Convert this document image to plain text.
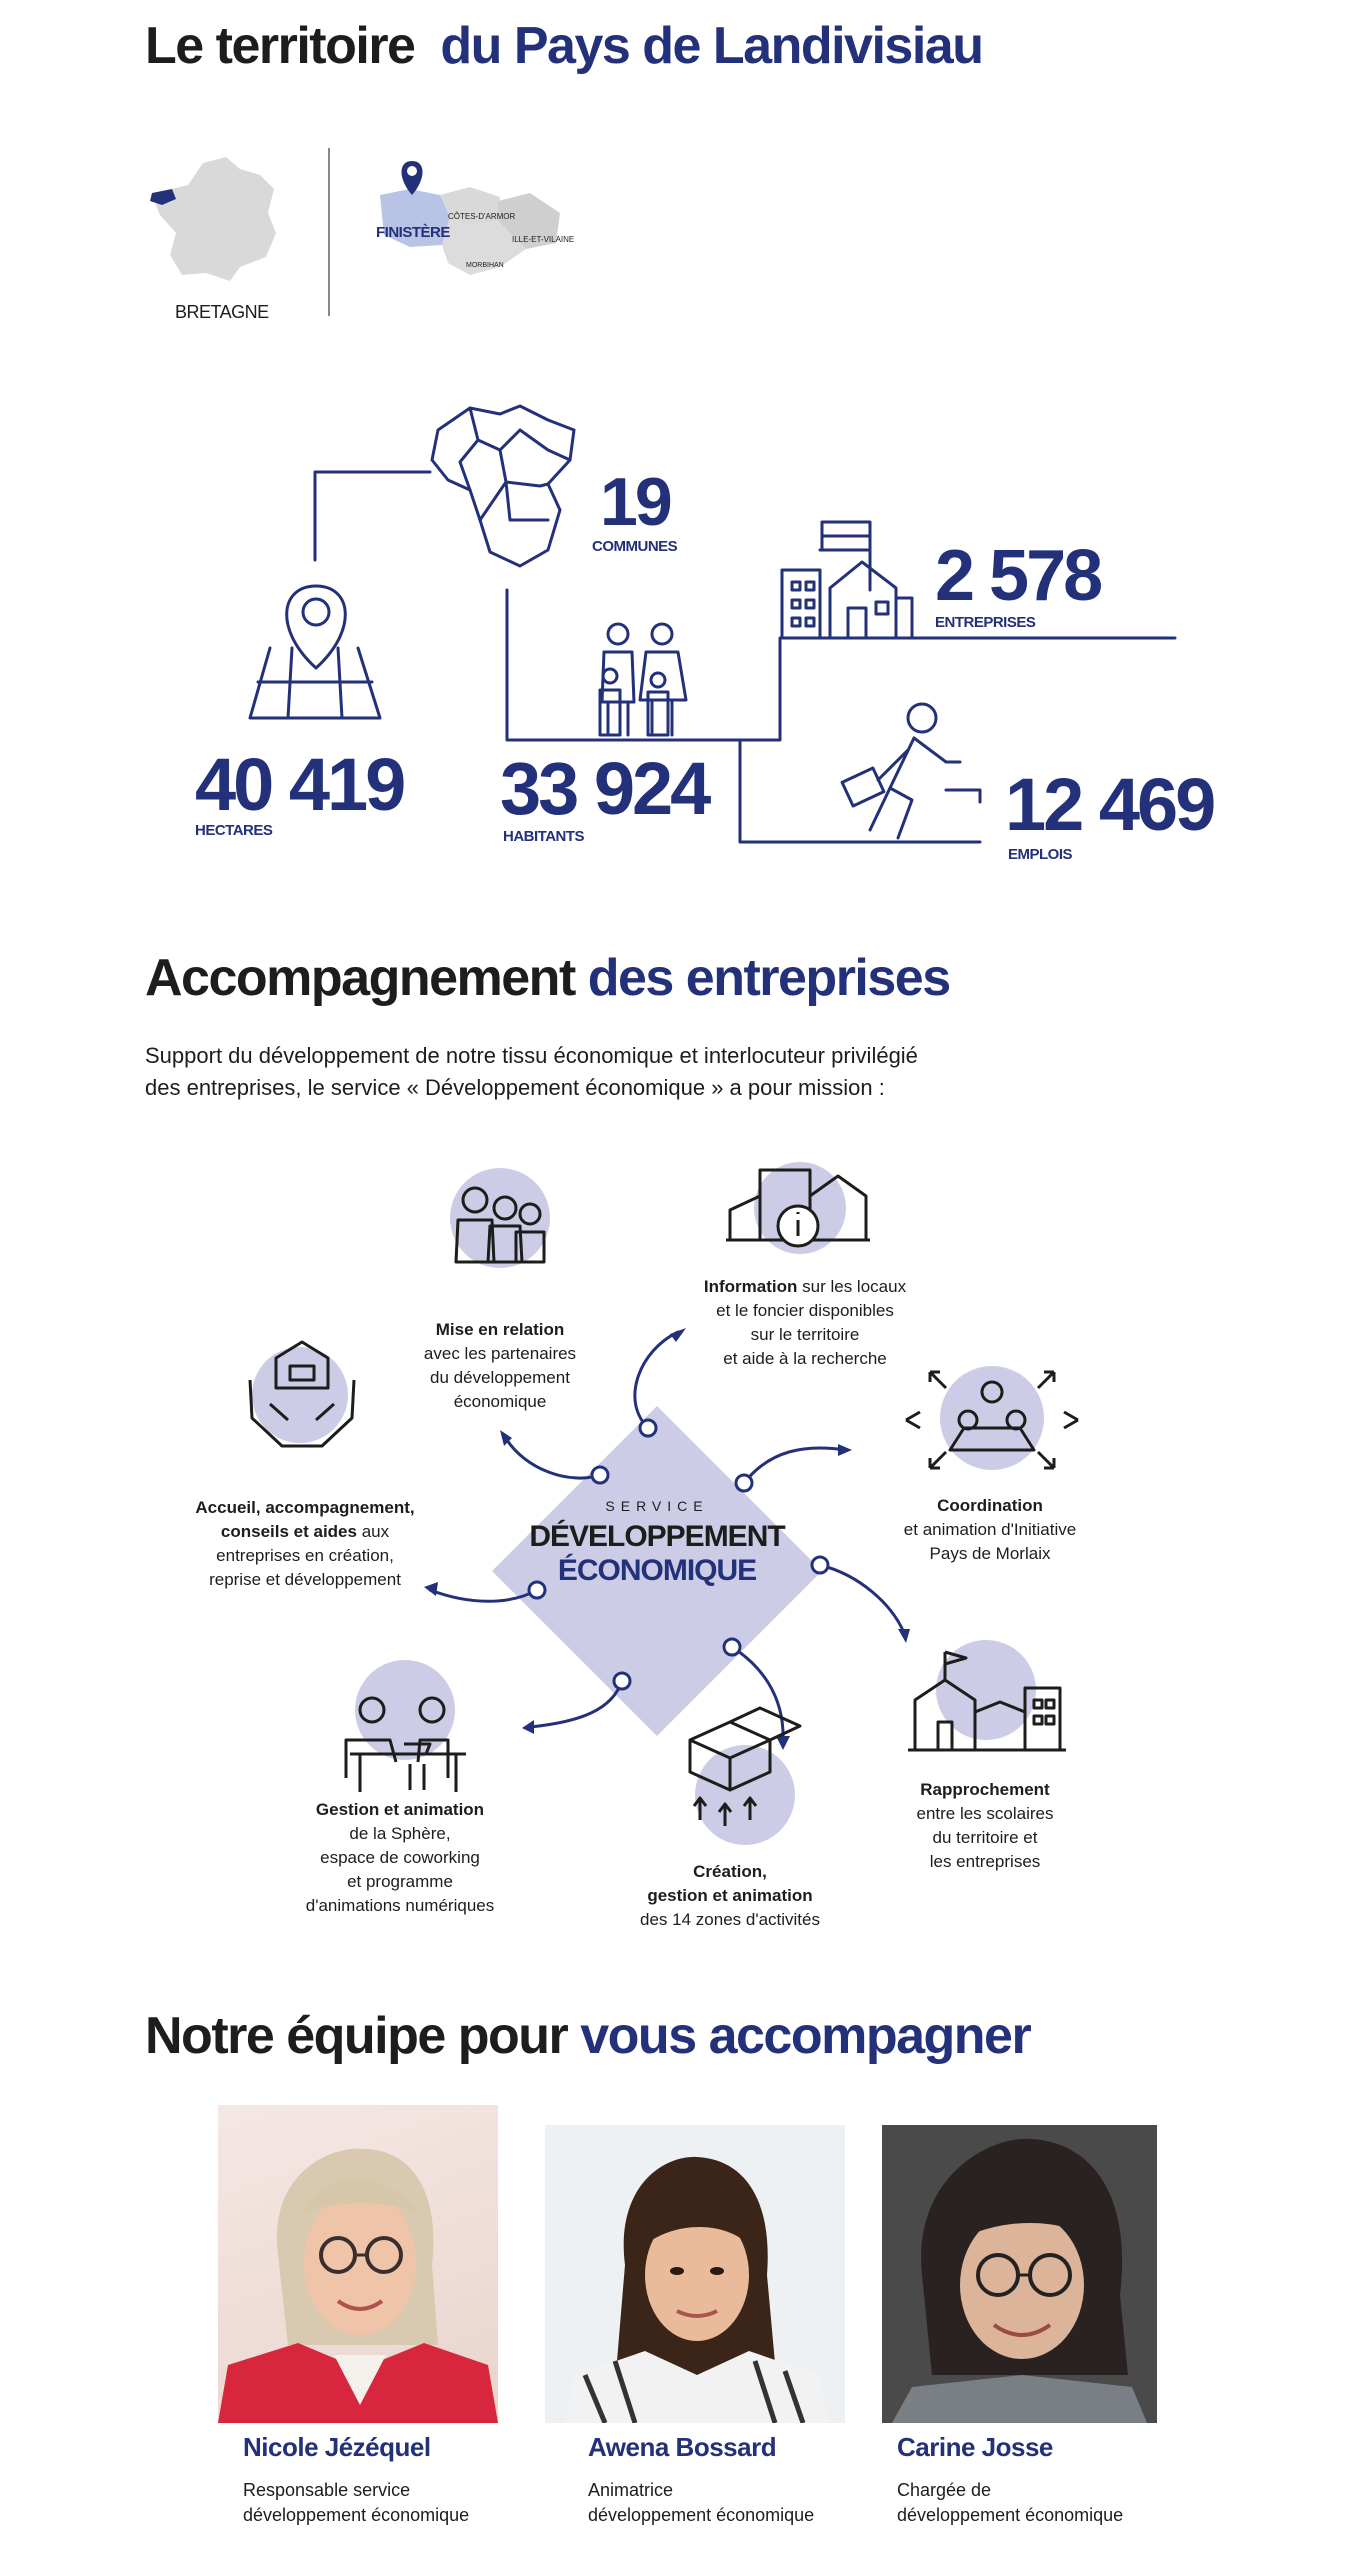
Le territoire du Pays de Landivisiau
BRETAGNE
FINISTÈRE
CÔTES-D'ARMOR
ILLE-ET-VILAINE
MORBIHAN
19
COMMUNES	2 578
ENTREPRISES
40 419
HECTARES
33 924
HABITANTS	12 469
EMPLOIS
Accompagnement des entreprises
Support du développement de notre tissu économique et interlocuteur privilégié
des entreprises, le service « Développement économique » a pour mission :
SERVICE
DÉVELOPPEMENT
ÉCONOMIQUE
Mise en relation
avec les partenaires
du développement
économique
Information sur les locaux
et le foncier disponibles
sur le territoire
et aide à la recherche
Coordination
et animation d'Initiative
Pays de Morlaix
Rapprochement
entre les scolaires
du territoire et
les entreprises
Création,
gestion et animation
des 14 zones d'activités
Gestion et animation
de la Sphère,
espace de coworking
et programme
d'animations numériques
Accueil, accompagnement,
conseils et aides aux
entreprises en création,
reprise et développement
Notre équipe pour vous accompagner
Nicole Jézéquel
Responsable service
développement économique
Awena Bossard
Animatrice
développement économique
Carine Josse
Chargée de
développement économique
